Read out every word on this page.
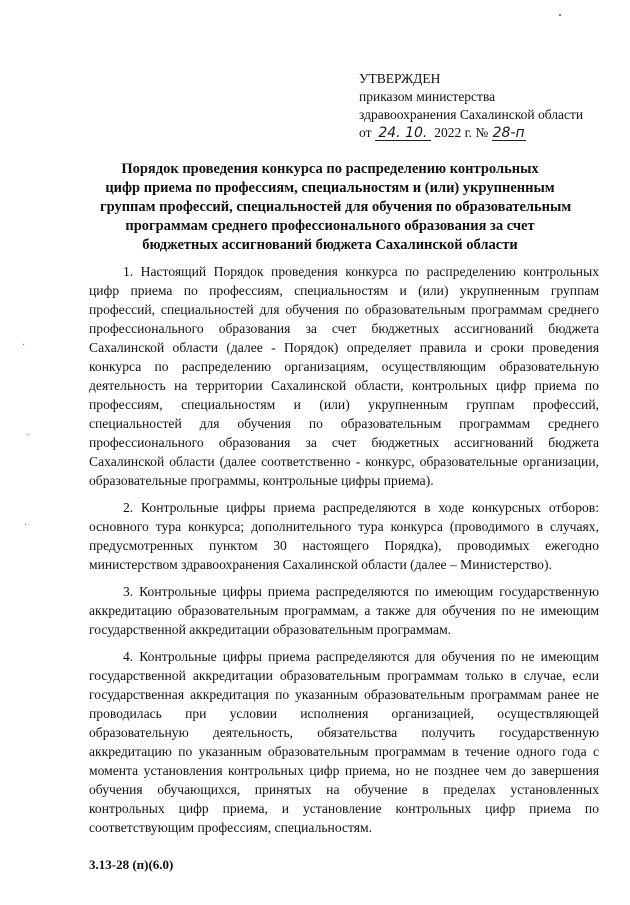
УТВЕРЖДЕН
приказом министерства
здравоохранения Сахалинской области
от 24. 10. 2022 г. № 28-п
Порядок проведения конкурса по распределению контрольных
цифр приема по профессиям, специальностям и (или) укрупненным
группам профессий, специальностей для обучения по образовательным
программам среднего профессионального образования за счет
бюджетных ассигнований бюджета Сахалинской области

1. Настоящий Порядок проведения конкурса по распределению контрольных цифр приема по профессиям, специальностям и (или) укрупненным группам профессий, специальностей для обучения по образовательным программам среднего профессионального образования за счет бюджетных ассигнований бюджета Сахалинской области (далее - Порядок) определяет правила и сроки проведения конкурса по распределению организациям, осуществляющим образовательную деятельность на территории Сахалинской области, контрольных цифр приема по профессиям, специальностям и (или) укрупненным группам профессий, специальностей для обучения по образовательным программам среднего профессионального образования за счет бюджетных ассигнований бюджета Сахалинской области (далее соответственно - конкурс, образовательные организации, образовательные программы, контрольные цифры приема).

2. Контрольные цифры приема распределяются в ходе конкурсных отборов: основного тура конкурса; дополнительного тура конкурса (проводимого в случаях, предусмотренных пунктом 30 настоящего Порядка), проводимых ежегодно министерством здравоохранения Сахалинской области (далее – Министерство).

3. Контрольные цифры приема распределяются по имеющим государственную аккредитацию образовательным программам, а также для обучения по не имеющим государственной аккредитации образовательным программам.

4. Контрольные цифры приема распределяются для обучения по не имеющим государственной аккредитации образовательным программам только в случае, если государственная аккредитация по указанным образовательным программам ранее не проводилась при условии исполнения организацией, осуществляющей образовательную деятельность, обязательства получить государственную аккредитацию по указанным образовательным программам в течение одного года с момента установления контрольных цифр приема, но не позднее чем до завершения обучения обучающихся, принятых на обучение в пределах установленных контрольных цифр приема, и установление контрольных цифр приема по соответствующим профессиям, специальностям.

·
·
·
3.13-28 (п)(6.0)
